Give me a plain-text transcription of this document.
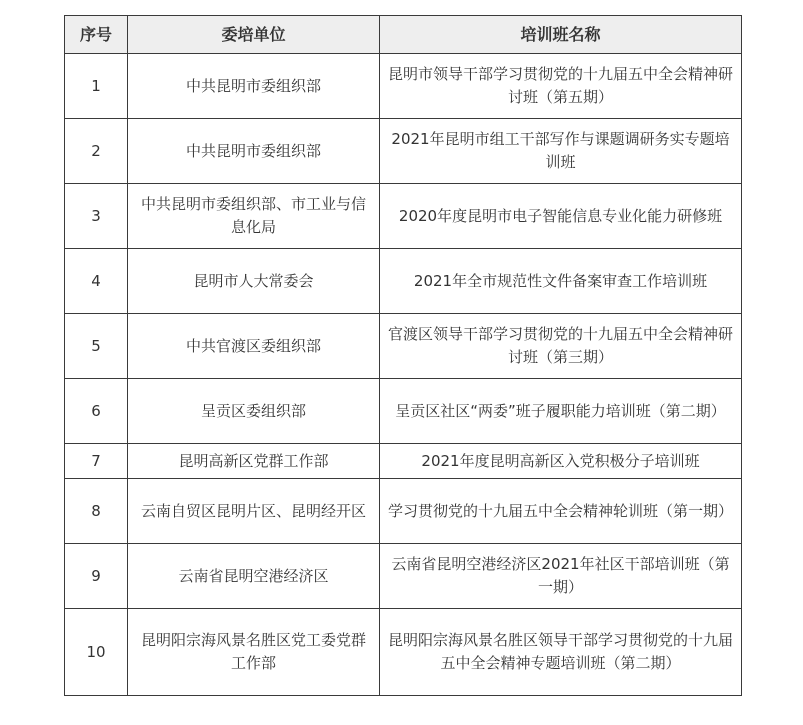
序号	委培单位	培训班名称
1	中共昆明市委组织部	昆明市领导干部学习贯彻党的十九届五中全会精神研讨班（第五期）
2	中共昆明市委组织部	2021年昆明市组工干部写作与课题调研务实专题培训班
3	中共昆明市委组织部、市工业与信息化局	2020年度昆明市电子智能信息专业化能力研修班
4	昆明市人大常委会	2021年全市规范性文件备案审查工作培训班
5	中共官渡区委组织部	官渡区领导干部学习贯彻党的十九届五中全会精神研讨班（第三期）
6	呈贡区委组织部	呈贡区社区“两委”班子履职能力培训班（第二期）
7	昆明高新区党群工作部	2021年度昆明高新区入党积极分子培训班
8	云南自贸区昆明片区、昆明经开区	学习贯彻党的十九届五中全会精神轮训班（第一期）
9	云南省昆明空港经济区	云南省昆明空港经济区2021年社区干部培训班（第一期）
10	昆明阳宗海风景名胜区党工委党群工作部	昆明阳宗海风景名胜区领导干部学习贯彻党的十九届五中全会精神专题培训班（第二期）
